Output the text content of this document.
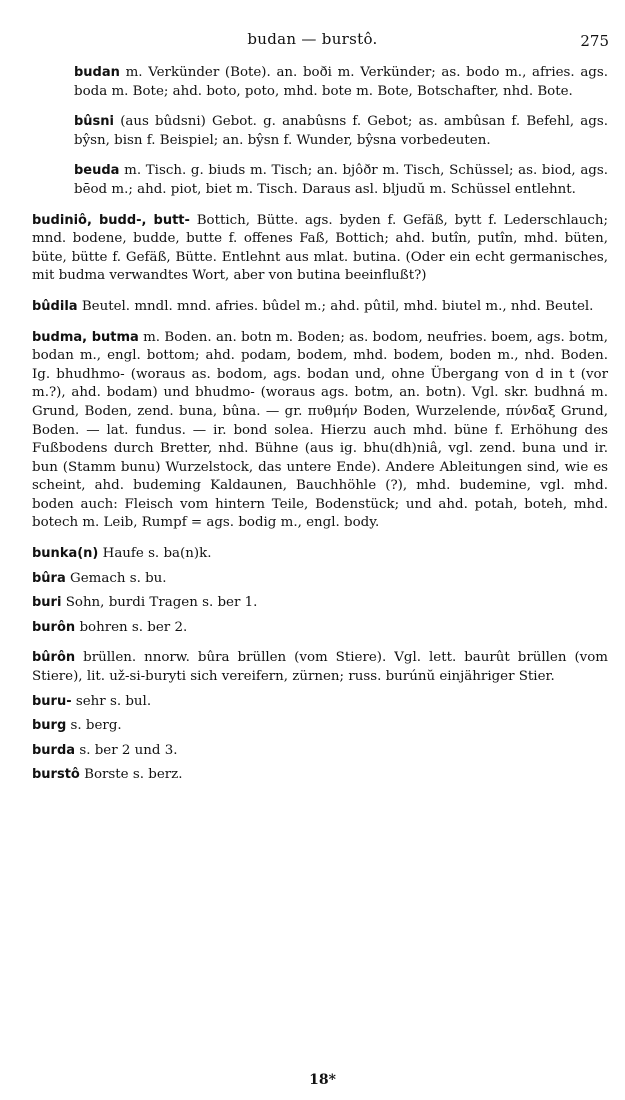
budan — burstô.	275

budan m. Verkünder (Bote). an. boði m. Verkünder; as. bodo m., afries. ags. boda m. Bote; ahd. boto, poto, mhd. bote m. Bote, Botschafter, nhd. Bote.

bûsni (aus bûdsni) Gebot. g. anabûsns f. Gebot; as. ambûsan f. Befehl, ags. bŷsn, bisn f. Beispiel; an. bŷsn f. Wunder, bŷsna vorbedeuten.

beuda m. Tisch. g. biuds m. Tisch; an. bjôðr m. Tisch, Schüssel; as. biod, ags. bēod m.; ahd. piot, biet m. Tisch. Daraus asl. bljudŭ m. Schüssel entlehnt.

budiniô, budd-, butt- Bottich, Bütte. ags. byden f. Gefäß, bytt f. Lederschlauch; mnd. bodene, budde, butte f. offenes Faß, Bottich; ahd. butîn, putîn, mhd. büten, büte, bütte f. Gefäß, Bütte. Entlehnt aus mlat. butina. (Oder ein echt germanisches, mit budma verwandtes Wort, aber von butina beeinflußt?)

bûdila Beutel. mndl. mnd. afries. bûdel m.; ahd. pûtil, mhd. biutel m., nhd. Beutel.

budma, butma m. Boden. an. botn m. Boden; as. bodom, neufries. boem, ags. botm, bodan m., engl. bottom; ahd. podam, bodem, mhd. bodem, boden m., nhd. Boden. Ig. bhudhmo- (woraus as. bodom, ags. bodan und, ohne Übergang von d in t (vor m.?), ahd. bodam) und bhudmo- (woraus ags. botm, an. botn). Vgl. skr. budhná m. Grund, Boden, zend. buna, bûna. — gr. πυθμήν Boden, Wurzelende, πύνδαξ Grund, Boden. — lat. fundus. — ir. bond solea. Hierzu auch mhd. büne f. Erhöhung des Fußbodens durch Bretter, nhd. Bühne (aus ig. bhu(dh)niâ, vgl. zend. buna und ir. bun (Stamm bunu) Wurzelstock, das untere Ende). Andere Ableitungen sind, wie es scheint, ahd. budeming Kaldaunen, Bauchhöhle (?), mhd. budemine, vgl. mhd. boden auch: Fleisch vom hintern Teile, Bodenstück; und ahd. potah, boteh, mhd. botech m. Leib, Rumpf = ags. bodig m., engl. body.

bunka(n) Haufe s. ba(n)k.

bûra Gemach s. bu.

buri Sohn, burdi Tragen s. ber 1.

burôn bohren s. ber 2.

bûrôn brüllen. nnorw. bûra brüllen (vom Stiere). Vgl. lett. baurût brüllen (vom Stiere), lit. už-si-buryti sich vereifern, zürnen; russ. burúnŭ einjähriger Stier.

buru- sehr s. bul.

burg s. berg.

burda s. ber 2 und 3.

burstô Borste s. berz.

18*
